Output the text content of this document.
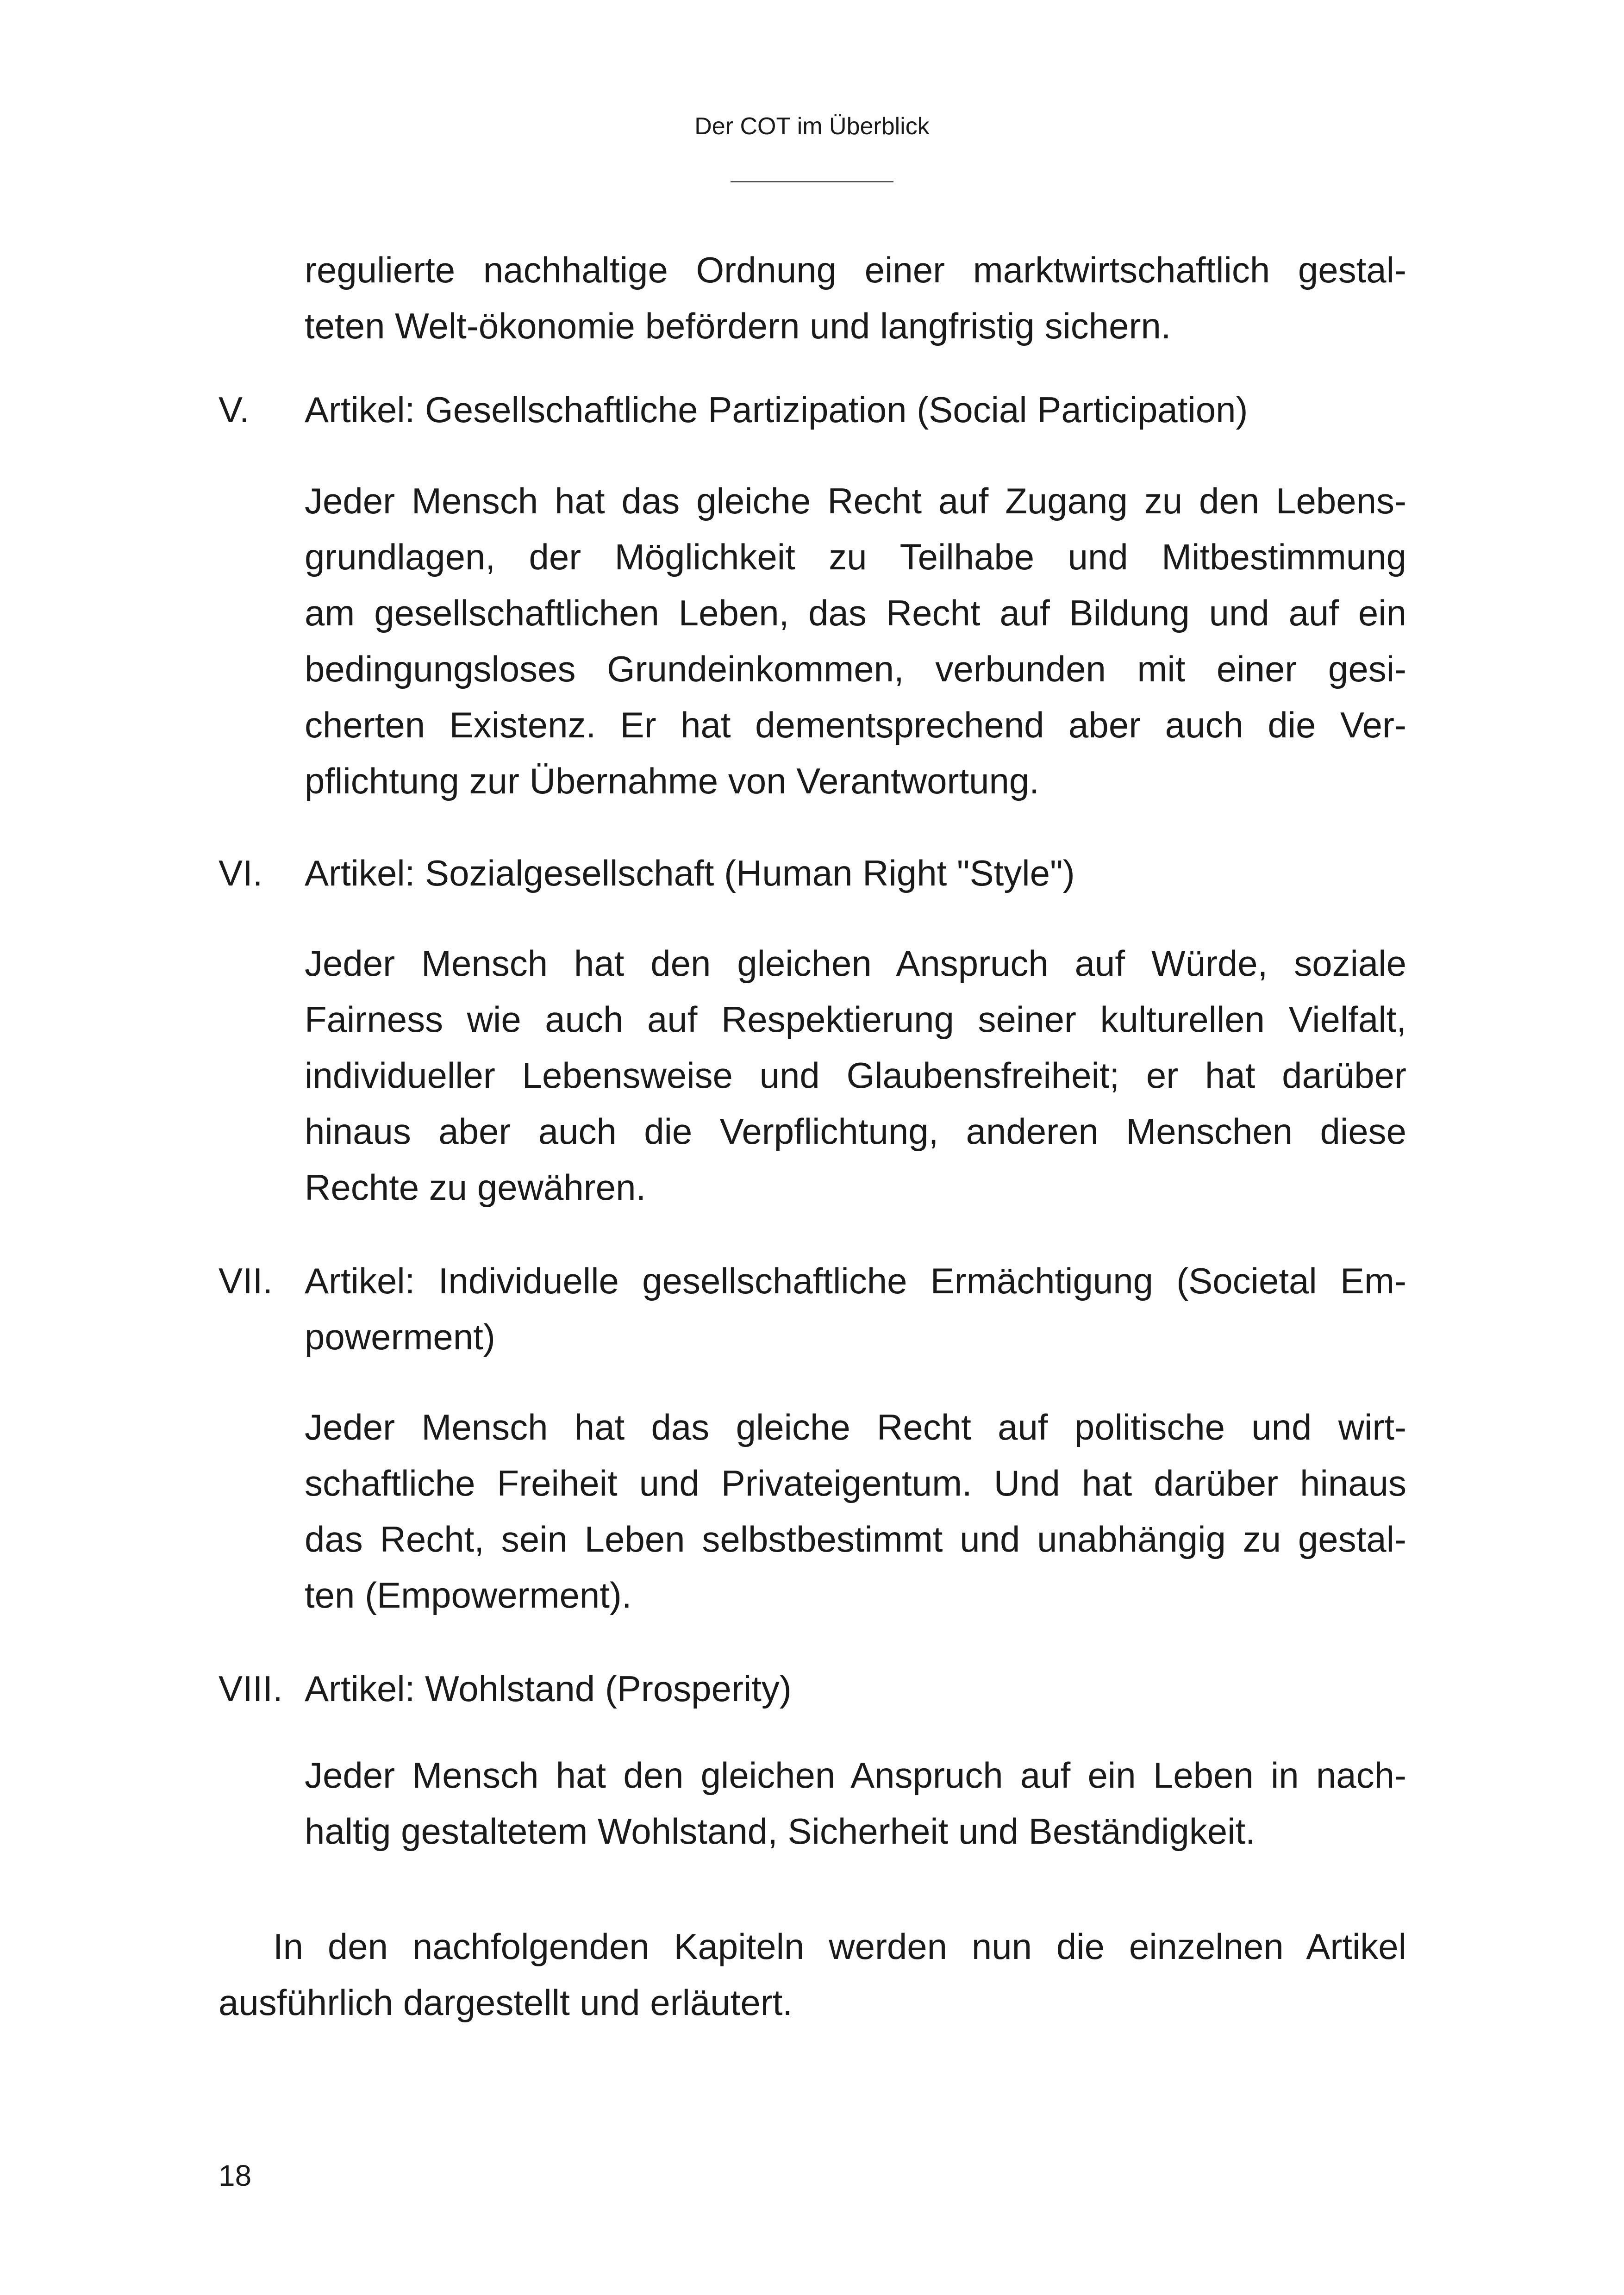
Der COT im Überblick

regulierte nachhaltige Ordnung einer marktwirtschaftlich gestal-
teten Welt-ökonomie befördern und langfristig sichern.

V. Artikel: Gesellschaftliche Partizipation (Social Participation)

Jeder Mensch hat das gleiche Recht auf Zugang zu den Lebens-
grundlagen, der Möglichkeit zu Teilhabe und Mitbestimmung
am gesellschaftlichen Leben, das Recht auf Bildung und auf ein
bedingungsloses Grundeinkommen, verbunden mit einer gesi-
cherten Existenz. Er hat dementsprechend aber auch die Ver-
pflichtung zur Übernahme von Verantwortung.

VI. Artikel: Sozialgesellschaft (Human Right "Style")

Jeder Mensch hat den gleichen Anspruch auf Würde, soziale
Fairness wie auch auf Respektierung seiner kulturellen Vielfalt,
individueller Lebensweise und Glaubensfreiheit; er hat darüber
hinaus aber auch die Verpflichtung, anderen Menschen diese
Rechte zu gewähren.

VII. Artikel: Individuelle gesellschaftliche Ermächtigung (Societal Em-
powerment)

Jeder Mensch hat das gleiche Recht auf politische und wirt-
schaftliche Freiheit und Privateigentum. Und hat darüber hinaus
das Recht, sein Leben selbstbestimmt und unabhängig zu gestal-
ten (Empowerment).

VIII. Artikel: Wohlstand (Prosperity)

Jeder Mensch hat den gleichen Anspruch auf ein Leben in nach-
haltig gestaltetem Wohlstand, Sicherheit und Beständigkeit.

In den nachfolgenden Kapiteln werden nun die einzelnen Artikel
ausführlich dargestellt und erläutert.

18
